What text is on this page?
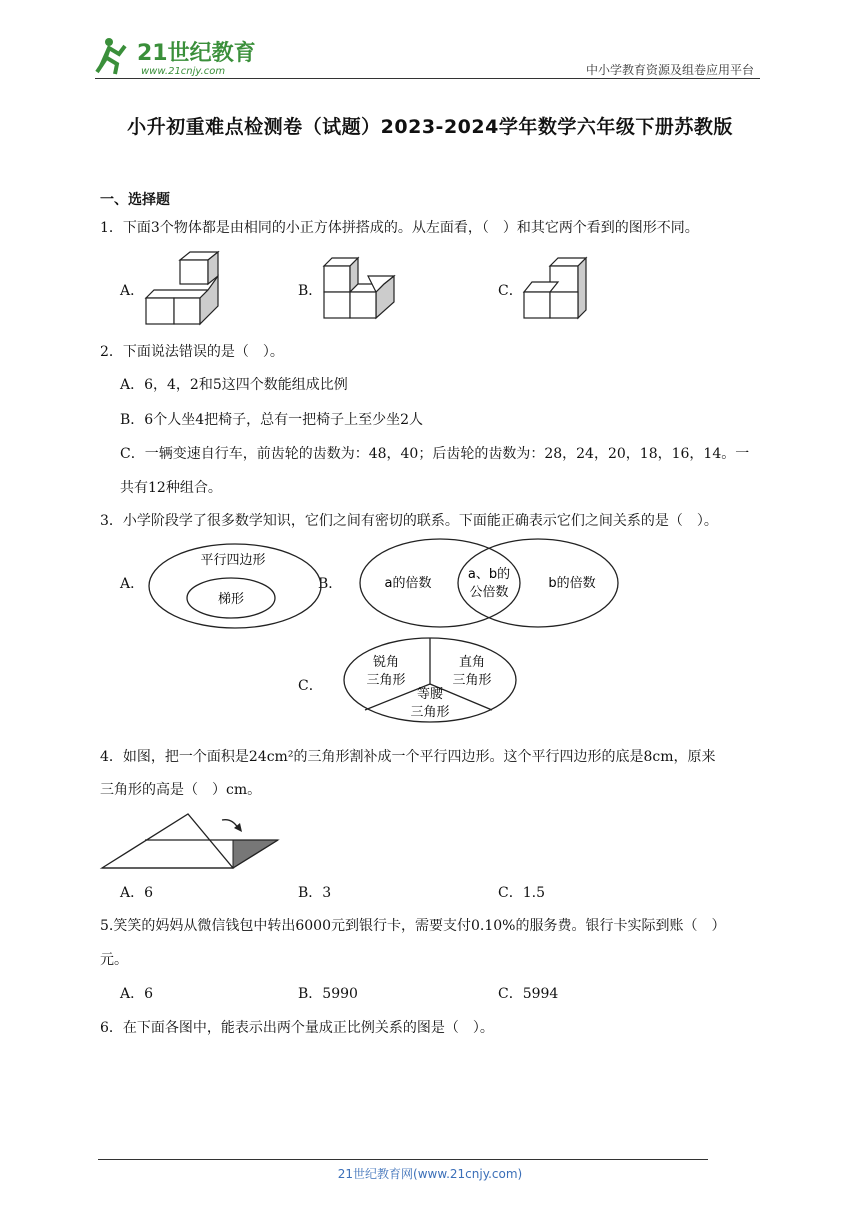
21世纪教育
www.21cnjy.com	中小学教育资源及组卷应用平台
小升初重难点检测卷（试题）2023-2024学年数学六年级下册苏教版
一、选择题
1．下面3个物体都是由相同的小正方体拼搭成的。从左面看，（　）和其它两个看到的图形不同。
A．	B．	C．
2．下面说法错误的是（　）。
A．6，4，2和5这四个数能组成比例
B．6个人坐4把椅子，总有一把椅子上至少坐2人
C．一辆变速自行车，前齿轮的齿数为：48，40；后齿轮的齿数为：28，24，20，18，16，14。一
共有12种组合。
3．小学阶段学了很多数学知识，它们之间有密切的联系。下面能正确表示它们之间关系的是（　）。
A．	B．
C．
平行四边形
梯形
a的倍数
a、b的
公倍数
b的倍数
锐角
三角形
直角
三角形
等腰
三角形
4．如图，把一个面积是24cm²的三角形割补成一个平行四边形。这个平行四边形的底是8cm，原来
三角形的高是（　）cm。
A．6	B．3	C．1.5
5.笑笑的妈妈从微信钱包中转出6000元到银行卡，需要支付0.10%的服务费。银行卡实际到账（　）
元。
A．6	B．5990	C．5994
6．在下面各图中，能表示出两个量成正比例关系的图是（　）。
21世纪教育网(www.21cnjy.com)
